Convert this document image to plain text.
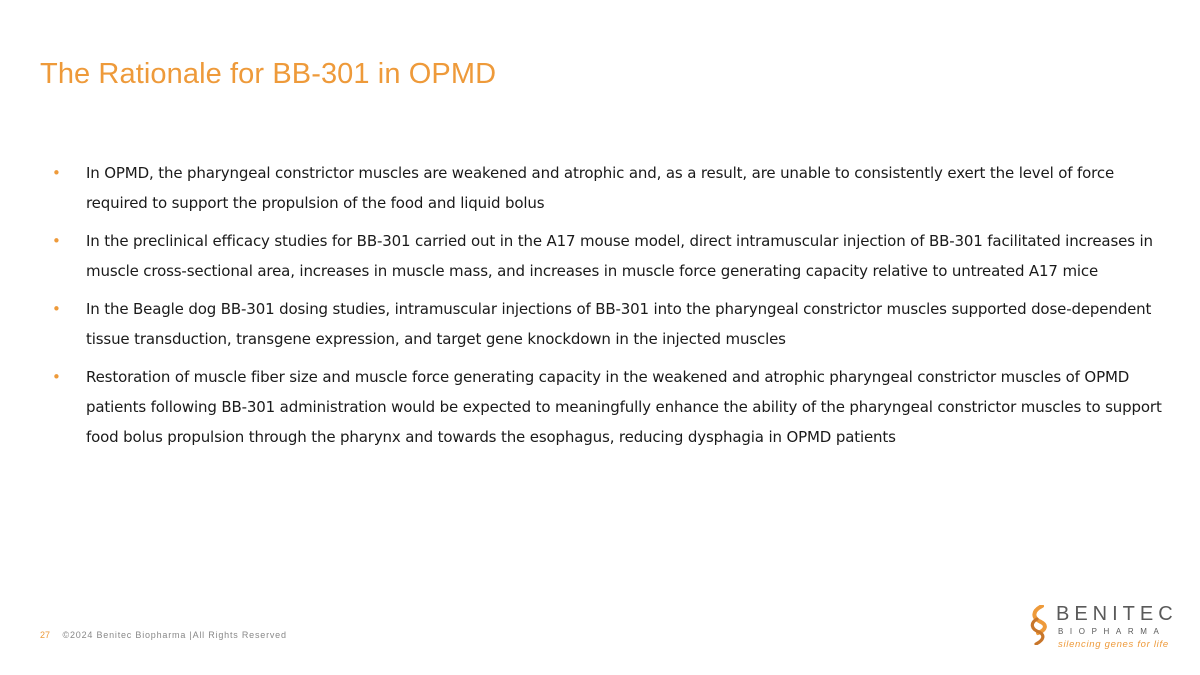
The Rationale for BB-301 in OPMD
• In OPMD, the pharyngeal constrictor muscles are weakened and atrophic and, as a result, are unable to consistently exert the level of force required to support the propulsion of the food and liquid bolus
• In the preclinical efficacy studies for BB-301 carried out in the A17 mouse model, direct intramuscular injection of BB-301 facilitated increases in muscle cross-sectional area, increases in muscle mass, and increases in muscle force generating capacity relative to untreated A17 mice
• In the Beagle dog BB-301 dosing studies, intramuscular injections of BB-301 into the pharyngeal constrictor muscles supported dose-dependent tissue transduction, transgene expression, and target gene knockdown in the injected muscles
• Restoration of muscle fiber size and muscle force generating capacity in the weakened and atrophic pharyngeal constrictor muscles of OPMD patients following BB-301 administration would be expected to meaningfully enhance the ability of the pharyngeal constrictor muscles to support food bolus propulsion through the pharynx and towards the esophagus, reducing dysphagia in OPMD patients
27 ©2024 Benitec Biopharma |All Rights Reserved
BENITEC
BIOPHARMA
silencing genes for life
